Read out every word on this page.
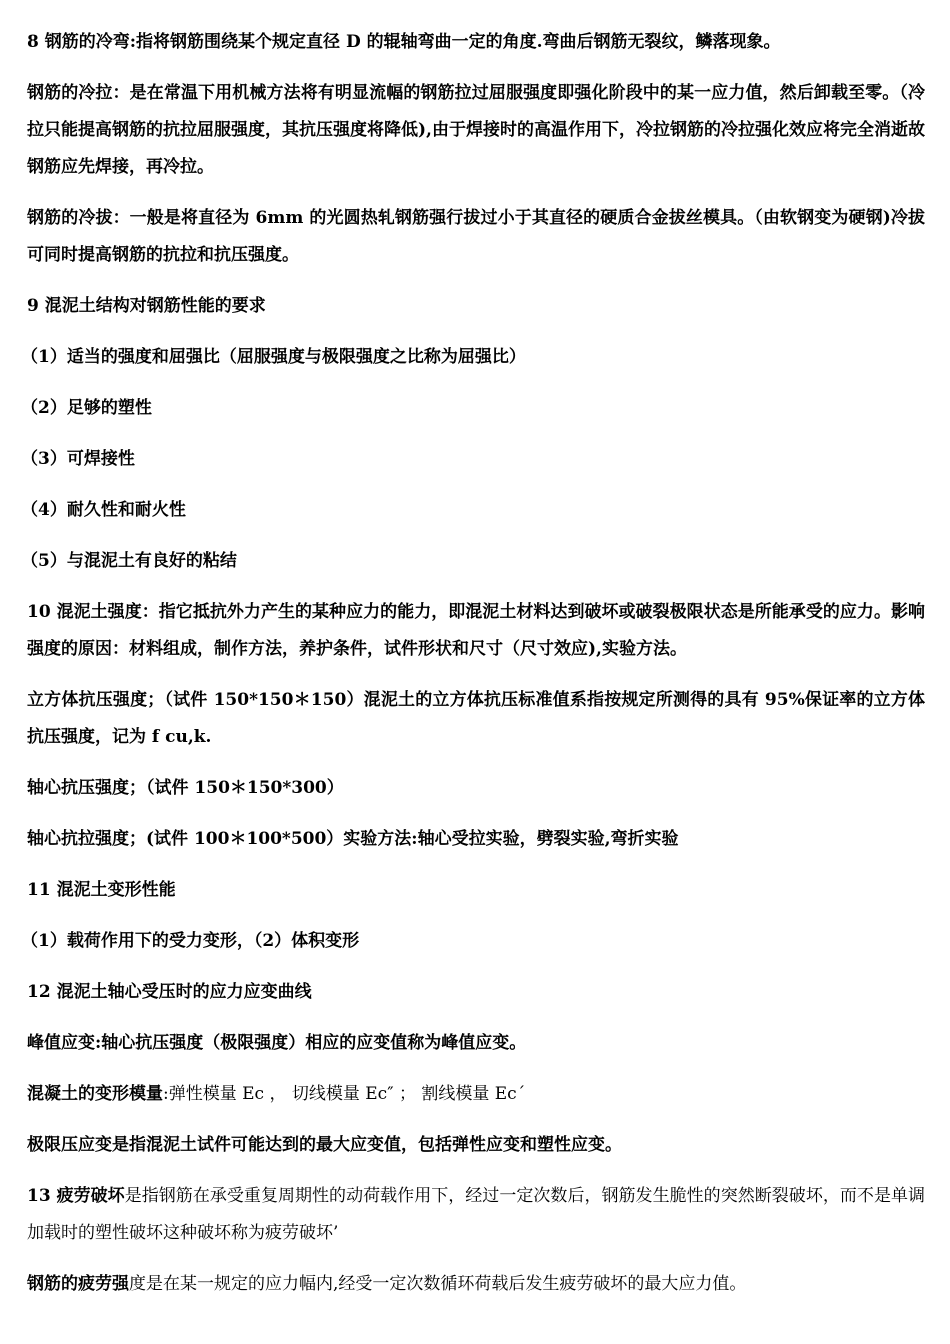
8 钢筋的冷弯:指将钢筋围绕某个规定直径 D 的辊轴弯曲一定的角度.弯曲后钢筋无裂纹，鳞落现象。

钢筋的冷拉：是在常温下用机械方法将有明显流幅的钢筋拉过屈服强度即强化阶段中的某一应力值，然后卸载至零。（冷拉只能提高钢筋的抗拉屈服强度，其抗压强度将降低),由于焊接时的高温作用下，冷拉钢筋的冷拉强化效应将完全消逝故钢筋应先焊接，再冷拉。

钢筋的冷拔：一般是将直径为 6mm 的光圆热轧钢筋强行拔过小于其直径的硬质合金拔丝模具。（由软钢变为硬钢)冷拔可同时提高钢筋的抗拉和抗压强度。

9 混泥土结构对钢筋性能的要求

（1）适当的强度和屈强比（屈服强度与极限强度之比称为屈强比）

（2）足够的塑性

（3）可焊接性

（4）耐久性和耐火性

（5）与混泥土有良好的粘结

10 混泥土强度：指它抵抗外力产生的某种应力的能力，即混泥土材料达到破坏或破裂极限状态是所能承受的应力。影响强度的原因：材料组成，制作方法，养护条件，试件形状和尺寸（尺寸效应),实验方法。

立方体抗压强度；（试件 150*150＊150）混泥土的立方体抗压标准值系指按规定所测得的具有 95%保证率的立方体抗压强度，记为 f cu,k.

轴心抗压强度；（试件 150＊150*300）

轴心抗拉强度；(试件 100＊100*500）实验方法:轴心受拉实验，劈裂实验,弯折实验

11 混泥土变形性能

（1）载荷作用下的受力变形，（2）体积变形

12 混泥土轴心受压时的应力应变曲线

峰值应变:轴心抗压强度（极限强度）相应的应变值称为峰值应变。

混凝土的变形模量:弹性模量 Ec ， 切线模量 Ec″ ； 割线模量 Ec´

极限压应变是指混泥土试件可能达到的最大应变值，包括弹性应变和塑性应变。

13 疲劳破坏是指钢筋在承受重复周期性的动荷载作用下，经过一定次数后，钢筋发生脆性的突然断裂破坏，而不是单调加载时的塑性破坏这种破坏称为疲劳破坏’

钢筋的疲劳强度是在某一规定的应力幅内,经受一定次数循环荷载后发生疲劳破坏的最大应力值。
